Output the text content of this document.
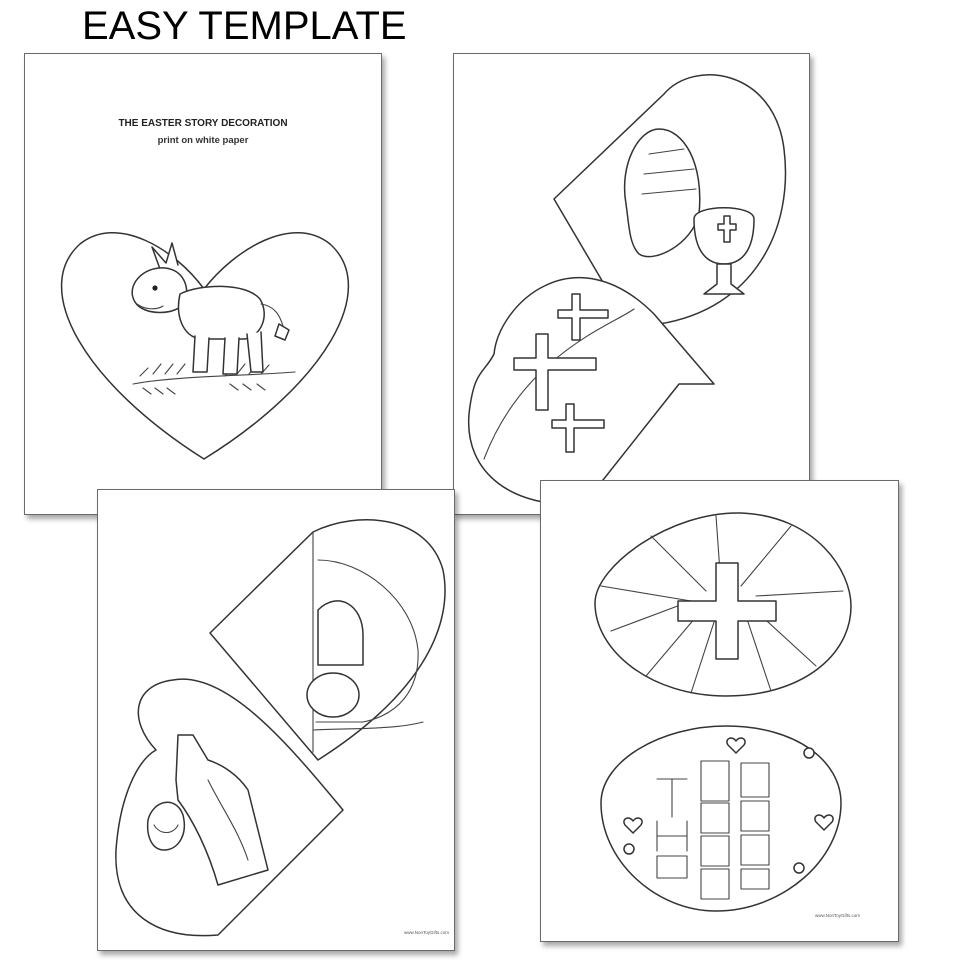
EASY TEMPLATE
THE EASTER STORY DECORATION
print on white paper
www.NonToyGifts.com
www.NonToyGifts.com
